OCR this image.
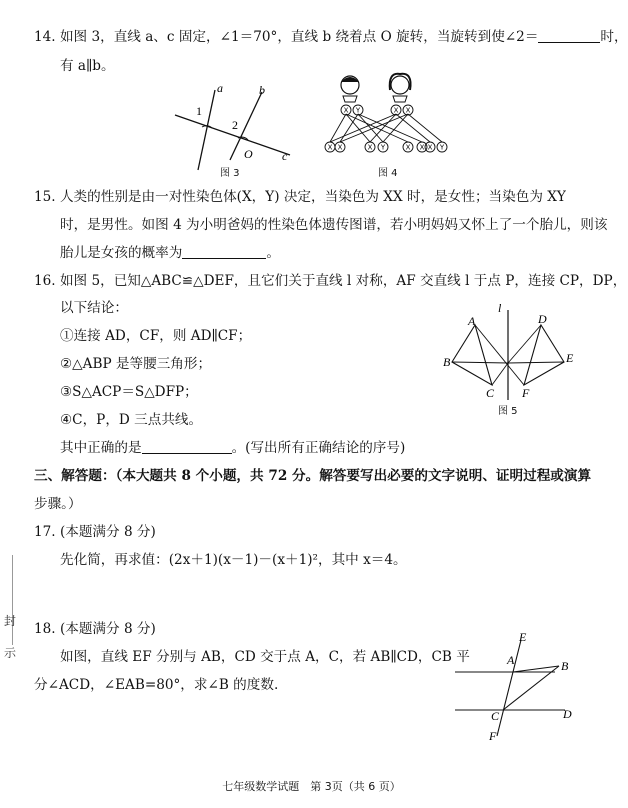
14. 如图 3，直线 a、c 固定，∠1＝70°，直线 b 绕着点 O 旋转，当旋转到使∠2＝	时，
有 a∥b。
a	b
c
1
2
O
图 3
X Y	X X
X X	X Y	X X X Y
图 4
15. 人类的性别是由一对性染色体(X，Y) 决定，当染色为 XX 时，是女性；当染色为 XY
时，是男性。如图 4 为小明爸妈的性染色体遗传图谱，若小明妈妈又怀上了一个胎儿，则该
胎儿是女孩的概率为	。
16. 如图 5，已知△ABC≌△DEF，且它们关于直线 l 对称，AF 交直线 l 于点 P，连接 CP，DP，
以下结论：
①连接 AD，CF，则 AD∥CF；
②△ABP 是等腰三角形；
③S△ACP＝S△DFP；
④C，P，D 三点共线。
其中正确的是	。(写出所有正确结论的序号)
l
A
B
C
D
E
F
图 5
三、解答题：（本大题共 8 个小题，共 72 分。解答要写出必要的文字说明、证明过程或演算
步骤。）
17. (本题满分 8 分)
先化简，再求值：(2x＋1)(x－1)－(x＋1)²，其中 x＝4。
18. (本题满分 8 分)
如图，直线 EF 分别与 AB，CD 交于点 A，C，若 AB∥CD，CB 平
分∠ACD，∠EAB=80°，求∠B 的度数.
E
A	B
C	D
F
封
示
七年级数学试题　第 3页（共 6 页）
